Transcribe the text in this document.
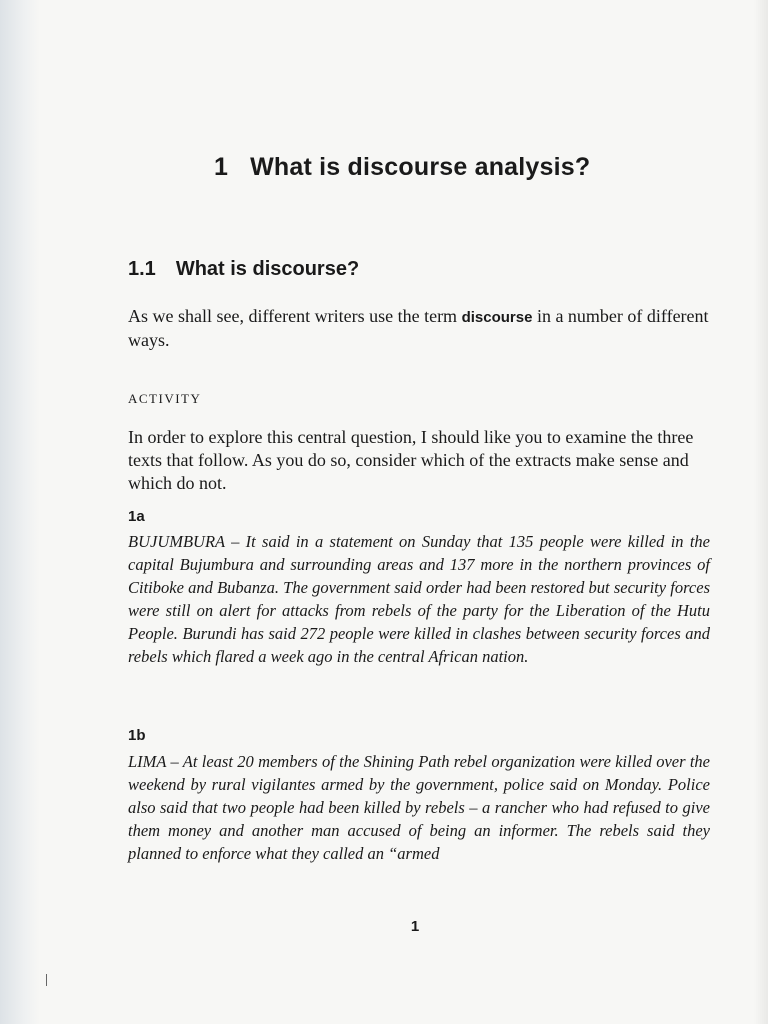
1 What is discourse analysis?
1.1 What is discourse?
As we shall see, different writers use the term discourse in a number of different ways.
ACTIVITY
In order to explore this central question, I should like you to examine the three texts that follow. As you do so, consider which of the extracts make sense and which do not.
1a
BUJUMBURA – It said in a statement on Sunday that 135 people were killed in the capital Bujumbura and surrounding areas and 137 more in the northern provinces of Citiboke and Bubanza. The government said order had been restored but security forces were still on alert for attacks from rebels of the party for the Liberation of the Hutu People. Burundi has said 272 people were killed in clashes between security forces and rebels which flared a week ago in the central African nation.
1b
LIMA – At least 20 members of the Shining Path rebel organization were killed over the weekend by rural vigilantes armed by the government, police said on Monday. Police also said that two people had been killed by rebels – a rancher who had refused to give them money and another man accused of being an informer. The rebels said they planned to enforce what they called an “armed
1
